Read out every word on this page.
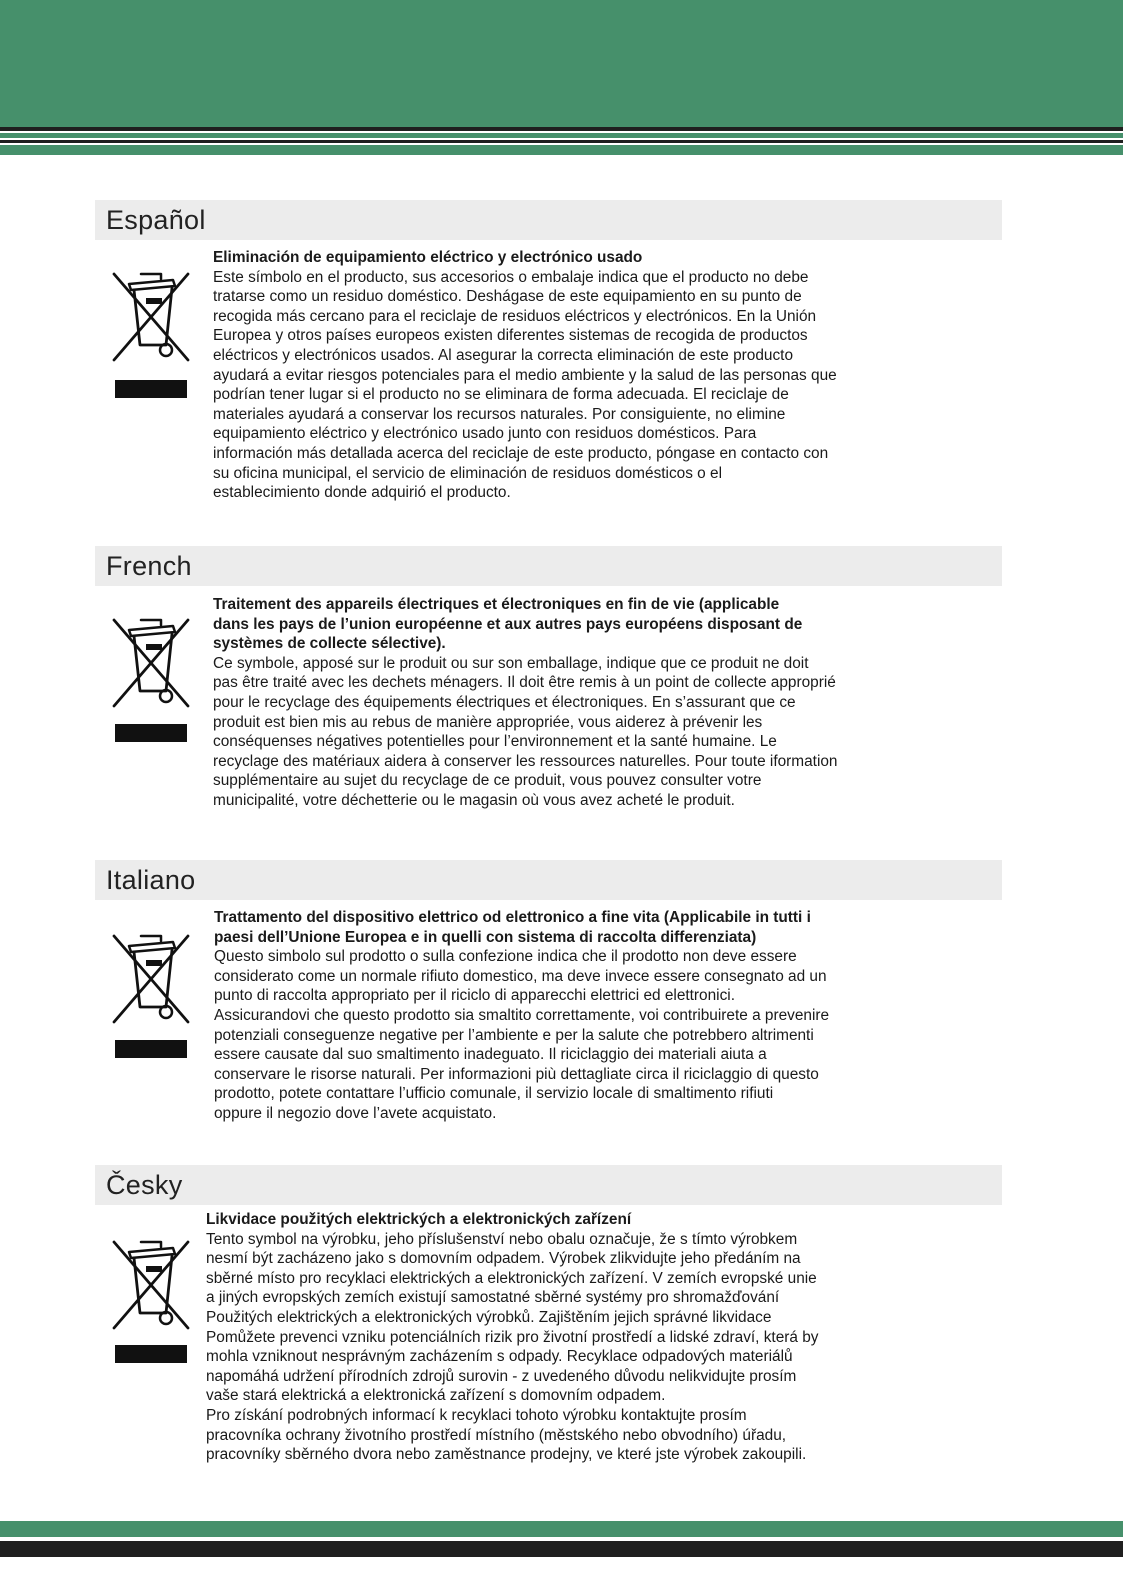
Español
Eliminación de equipamiento eléctrico y electrónico usado
Este símbolo en el producto, sus accesorios o embalaje indica que el producto no debe
tratarse como un residuo doméstico. Deshágase de este equipamiento en su punto de
recogida más cercano para el reciclaje de residuos eléctricos y electrónicos. En la Unión
Europea y otros países europeos existen diferentes sistemas de recogida de productos
eléctricos y electrónicos usados. Al asegurar la correcta eliminación de este producto
ayudará a evitar riesgos potenciales para el medio ambiente y la salud de las personas que
podrían tener lugar si el producto no se eliminara de forma adecuada. El reciclaje de
materiales ayudará a conservar los recursos naturales. Por consiguiente, no elimine
equipamiento eléctrico y electrónico usado junto con residuos domésticos. Para
información más detallada acerca del reciclaje de este producto, póngase en contacto con
su oficina municipal, el servicio de eliminación de residuos domésticos o el
establecimiento donde adquirió el producto.
French
Traitement des appareils électriques et électroniques en fin de vie (applicable
dans les pays de l’union européenne et aux autres pays européens disposant de
systèmes de collecte sélective).
Ce symbole, apposé sur le produit ou sur son emballage, indique que ce produit ne doit
pas être traité avec les dechets ménagers. Il doit être remis à un point de collecte approprié
pour le recyclage des équipements électriques et électroniques. En s’assurant que ce
produit est bien mis au rebus de manière appropriée, vous aiderez à prévenir les
conséquenses négatives potentielles pour l’environnement et la santé humaine. Le
recyclage des matériaux aidera à conserver les ressources naturelles. Pour toute iformation
supplémentaire au sujet du recyclage de ce produit, vous pouvez consulter votre
municipalité, votre déchetterie ou le magasin où vous avez acheté le produit.
Italiano
Trattamento del dispositivo elettrico od elettronico a fine vita (Applicabile in tutti i
paesi dell’Unione Europea e in quelli con sistema di raccolta differenziata)
Questo simbolo sul prodotto o sulla confezione indica che il prodotto non deve essere
considerato come un normale rifiuto domestico, ma deve invece essere consegnato ad un
punto di raccolta appropriato per il riciclo di apparecchi elettrici ed elettronici.
Assicurandovi che questo prodotto sia smaltito correttamente, voi contribuirete a prevenire
potenziali conseguenze negative per l’ambiente e per la salute che potrebbero altrimenti
essere causate dal suo smaltimento inadeguato. Il riciclaggio dei materiali aiuta a
conservare le risorse naturali. Per informazioni più dettagliate circa il riciclaggio di questo
prodotto, potete contattare l’ufficio comunale, il servizio locale di smaltimento rifiuti
oppure il negozio dove l’avete acquistato.
Česky
Likvidace použitých elektrických a elektronických zařízení
Tento symbol na výrobku, jeho příslušenství nebo obalu označuje, že s tímto výrobkem
nesmí být zacházeno jako s domovním odpadem. Výrobek zlikvidujte jeho předáním na
sběrné místo pro recyklaci elektrických a elektronických zařízení. V zemích evropské unie
a jiných evropských zemích existují samostatné sběrné systémy pro shromažďování
Použitých elektrických a elektronických výrobků. Zajištěním jejich správné likvidace
Pomůžete prevenci vzniku potenciálních rizik pro životní prostředí a lidské zdraví, která by
mohla vzniknout nesprávným zacházením s odpady. Recyklace odpadových materiálů
napomáhá udržení přírodních zdrojů surovin - z uvedeného důvodu nelikvidujte prosím
vaše stará elektrická a elektronická zařízení s domovním odpadem.
Pro získání podrobných informací k recyklaci tohoto výrobku kontaktujte prosím
pracovníka ochrany životního prostředí místního (městského nebo obvodního) úřadu,
pracovníky sběrného dvora nebo zaměstnance prodejny, ve které jste výrobek zakoupili.
